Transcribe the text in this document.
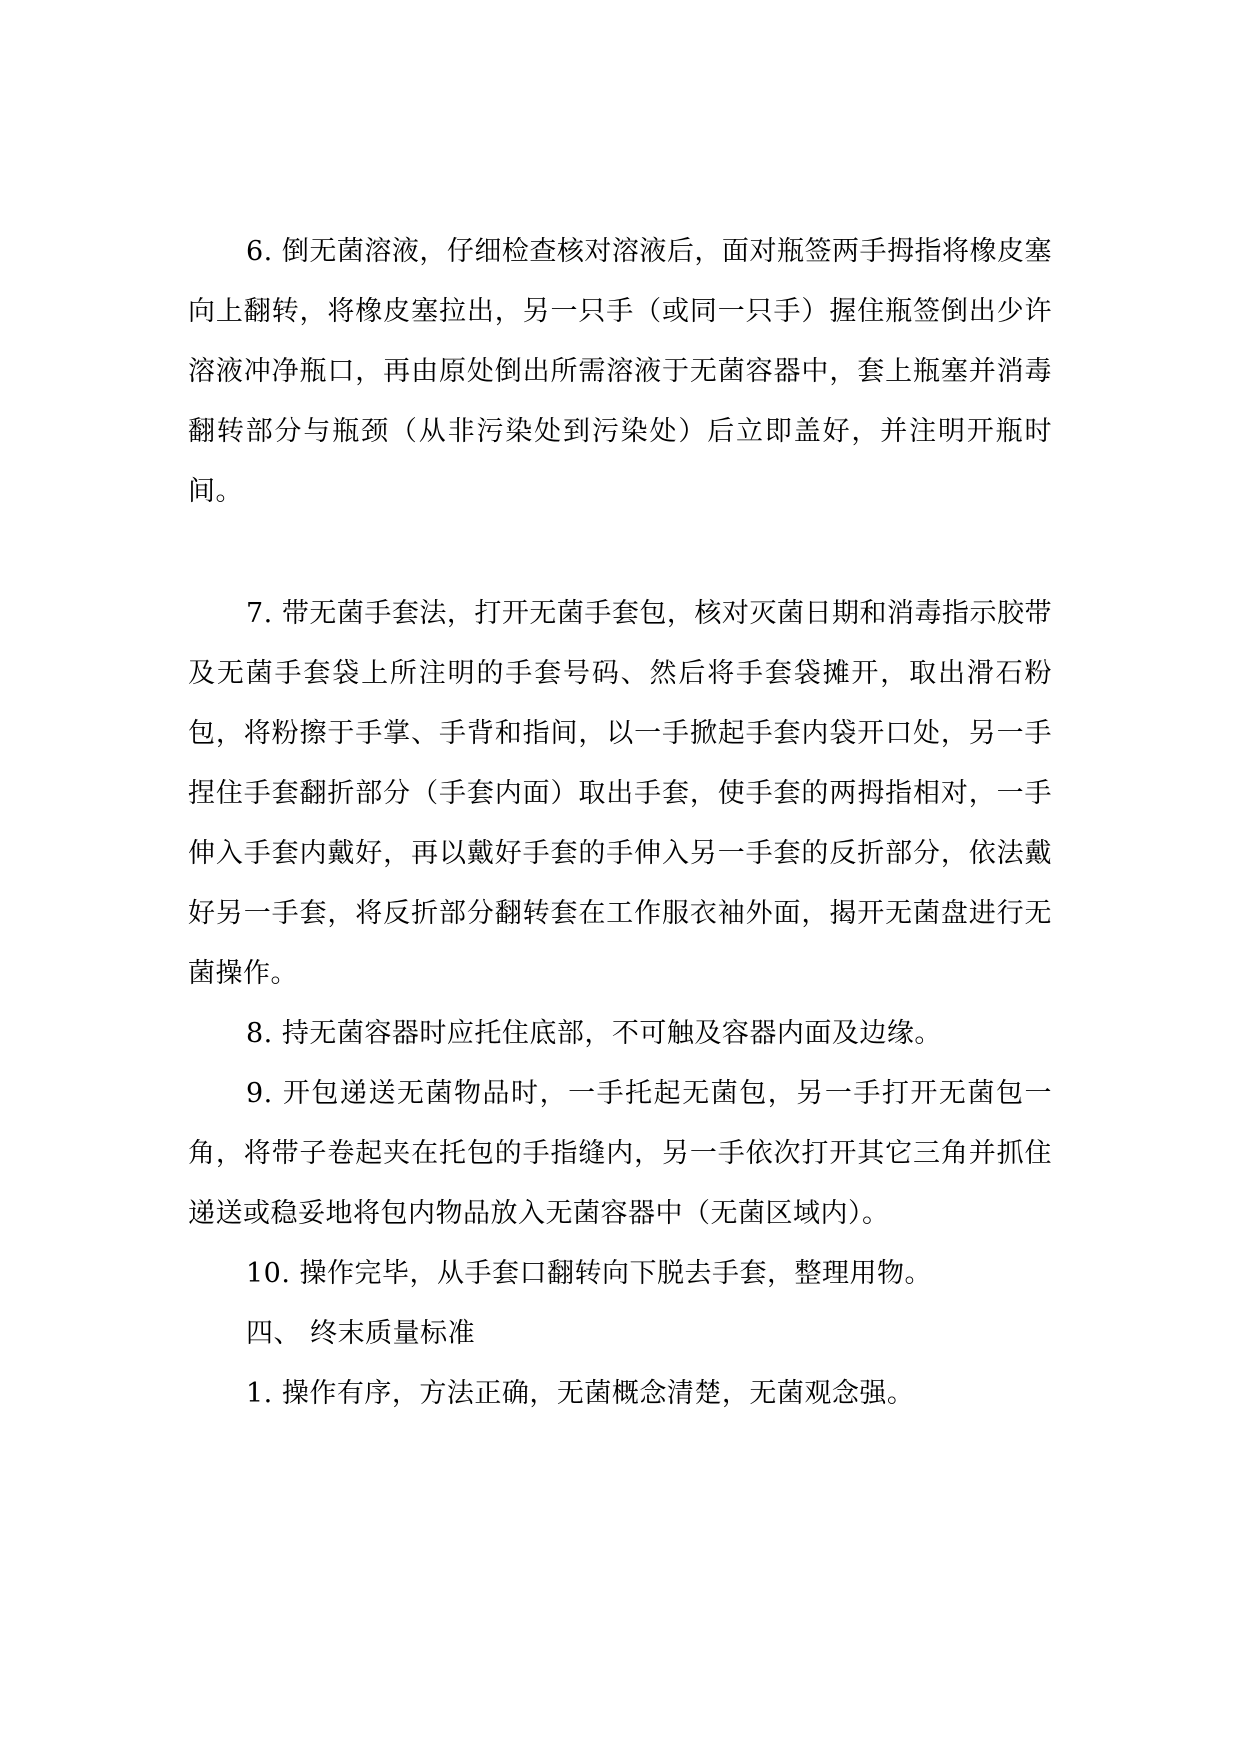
6. 倒无菌溶液，仔细检查核对溶液后，面对瓶签两手拇指将橡皮塞向上翻转，将橡皮塞拉出，另一只手（或同一只手）握住瓶签倒出少许溶液冲净瓶口，再由原处倒出所需溶液于无菌容器中，套上瓶塞并消毒翻转部分与瓶颈（从非污染处到污染处）后立即盖好，并注明开瓶时间。

7. 带无菌手套法，打开无菌手套包，核对灭菌日期和消毒指示胶带及无菌手套袋上所注明的手套号码、然后将手套袋摊开，取出滑石粉包，将粉擦于手掌、手背和指间，以一手掀起手套内袋开口处，另一手捏住手套翻折部分（手套内面）取出手套，使手套的两拇指相对，一手伸入手套内戴好，再以戴好手套的手伸入另一手套的反折部分，依法戴好另一手套，将反折部分翻转套在工作服衣袖外面，揭开无菌盘进行无菌操作。

8. 持无菌容器时应托住底部，不可触及容器内面及边缘。

9. 开包递送无菌物品时，一手托起无菌包，另一手打开无菌包一角，将带子卷起夹在托包的手指缝内，另一手依次打开其它三角并抓住递送或稳妥地将包内物品放入无菌容器中（无菌区域内）。

10. 操作完毕，从手套口翻转向下脱去手套，整理用物。

四、 终末质量标准

1. 操作有序，方法正确，无菌概念清楚，无菌观念强。
